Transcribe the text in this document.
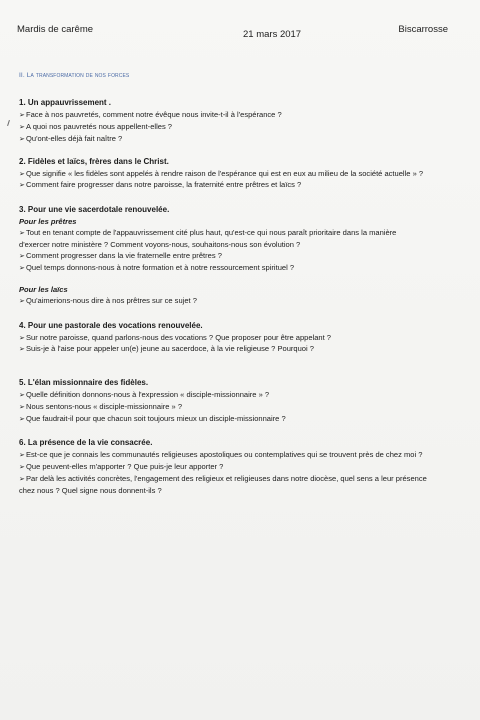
Mardis de carême	21 mars 2017	Biscarrosse
II. La transformation de nos forces

1. Un appauvrissement .

➢Face à nos pauvretés, comment notre évêque nous invite-t-il à l'espérance ?

➢A quoi nos pauvretés nous appellent-elles ?

➢Qu'ont-elles déjà fait naître ?

2. Fidèles et laïcs, frères dans le Christ.

➢Que signifie « les fidèles sont appelés à rendre raison de l'espérance qui est en eux au milieu de la société actuelle » ?

➢Comment faire progresser dans notre paroisse, la fraternité entre prêtres et laïcs ?

3. Pour une vie sacerdotale renouvelée.

Pour les prêtres

➢Tout en tenant compte de l'appauvrissement cité plus haut, qu'est-ce qui nous paraît prioritaire dans la manière

d'exercer notre ministère ? Comment voyons-nous, souhaitons-nous son évolution ?

➢Comment progresser dans la vie fraternelle entre prêtres ?

➢Quel temps donnons-nous à notre formation et à notre ressourcement spirituel ?

Pour les laïcs

➢Qu'aimerions-nous dire à nos prêtres sur ce sujet ?

4. Pour une pastorale des vocations renouvelée.

➢Sur notre paroisse, quand parlons-nous des vocations ? Que proposer pour être appelant ?

➢Suis-je à l'aise pour appeler un(e) jeune au sacerdoce, à la vie religieuse ? Pourquoi ?

5. L'élan missionnaire des fidèles.

➢Quelle définition donnons-nous à l'expression « disciple-missionnaire » ?

➢Nous sentons-nous « disciple-missionnaire » ?

➢Que faudrait-il pour que chacun soit toujours mieux un disciple-missionnaire ?

6. La présence de la vie consacrée.

➢Est-ce que je connais les communautés religieuses apostoliques ou contemplatives qui se trouvent près de chez moi ?

➢Que peuvent-elles m'apporter ? Que puis-je leur apporter ?

➢Par delà les activités concrètes, l'engagement des religieux et religieuses dans notre diocèse, quel sens a leur présence

chez nous ? Quel signe nous donnent-ils ?
